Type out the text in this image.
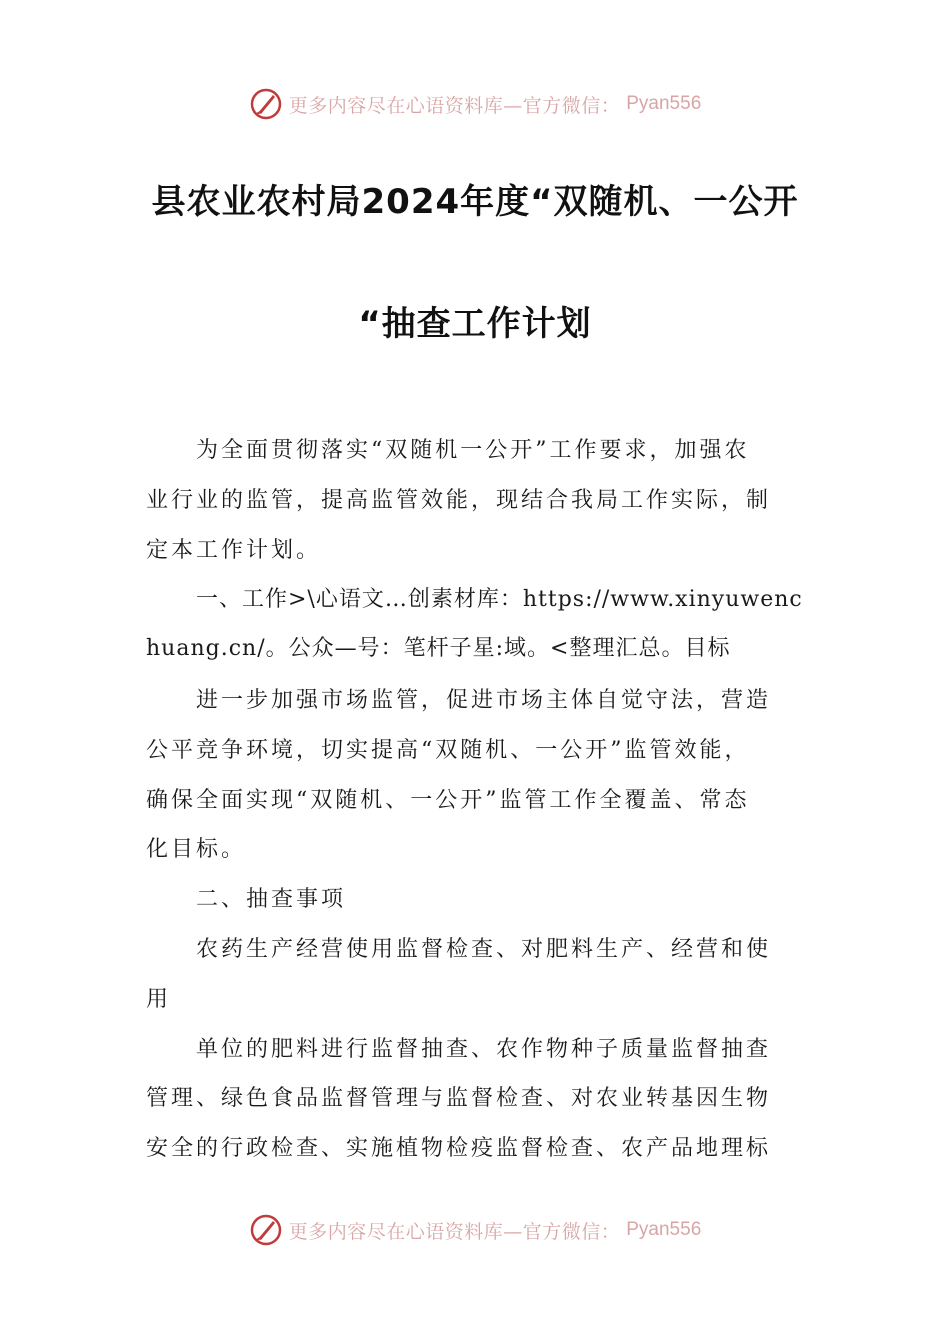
更多内容尽在心语资料库—官方微信： Pyan556
县农业农村局2024年度“双随机、一公开
“抽查工作计划
为全面贯彻落实“双随机一公开”工作要求，加强农
业行业的监管，提高监管效能，现结合我局工作实际，制
定本工作计划。
一、工作>\心语文…创素材库：https://www.xinyuwenc
huang.cn/。公众—号：笔杆子星:域。<整理汇总。目标
进一步加强市场监管，促进市场主体自觉守法，营造
公平竞争环境，切实提高“双随机、一公开”监管效能，
确保全面实现“双随机、一公开”监管工作全覆盖、常态
化目标。
二、抽查事项
农药生产经营使用监督检查、对肥料生产、经营和使
用
单位的肥料进行监督抽查、农作物种子质量监督抽查
管理、绿色食品监督管理与监督检查、对农业转基因生物
安全的行政检查、实施植物检疫监督检查、农产品地理标
更多内容尽在心语资料库—官方微信： Pyan556
